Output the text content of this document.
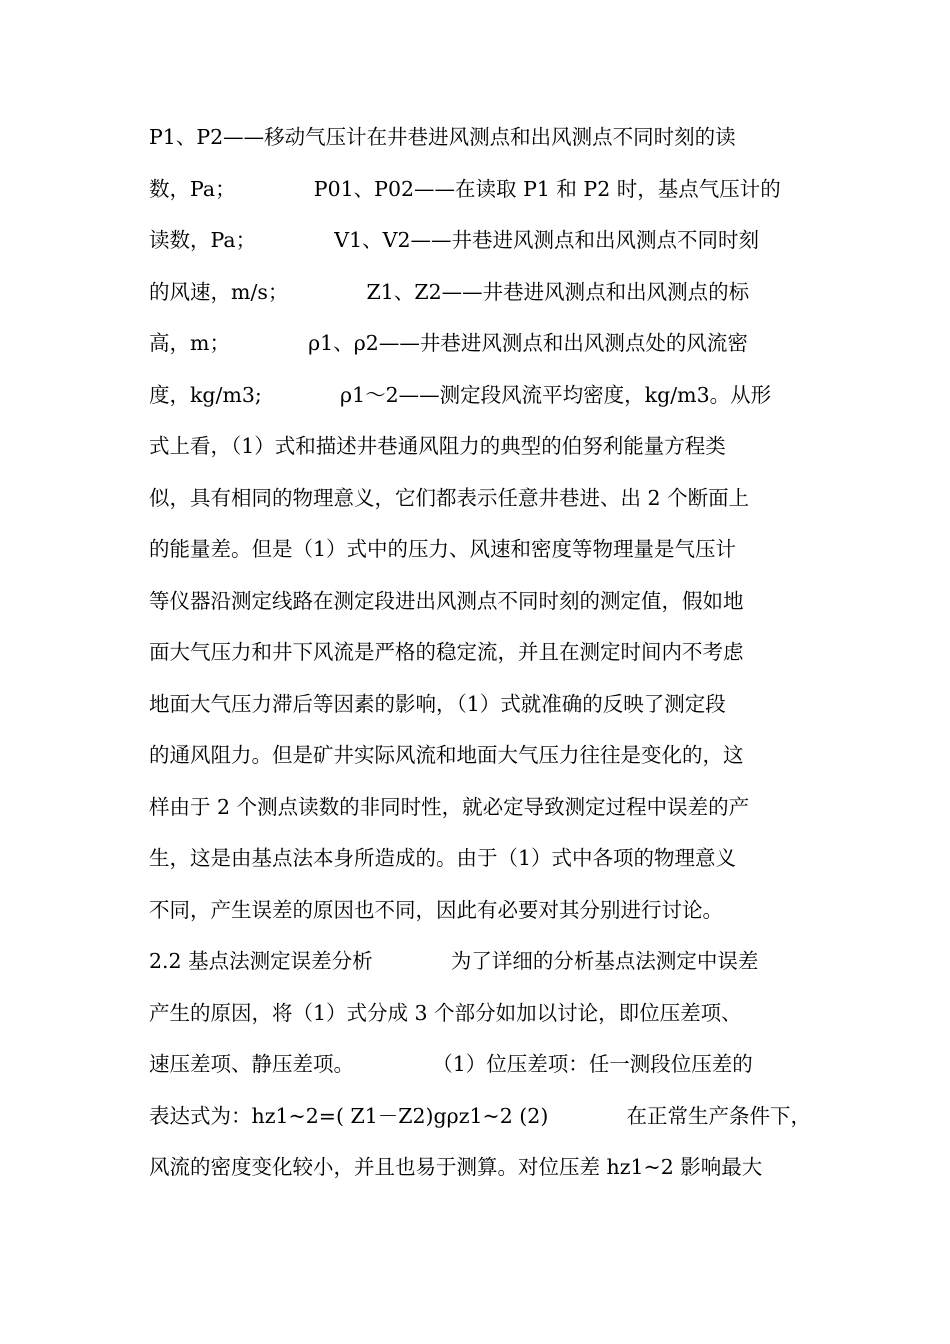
P1、P2——移动气压计在井巷进风测点和出风测点不同时刻的读
数，Pa；            P01、P02——在读取 P1 和 P2 时，基点气压计的
读数，Pa；            V1、V2——井巷进风测点和出风测点不同时刻
的风速，m/s；            Z1、Z2——井巷进风测点和出风测点的标
高，m；            ρ1、ρ2——井巷进风测点和出风测点处的风流密
度，kg/m3;            ρ1～2——测定段风流平均密度，kg/m3。从形
式上看，（1）式和描述井巷通风阻力的典型的伯努利能量方程类
似，具有相同的物理意义，它们都表示任意井巷进、出 2 个断面上
的能量差。但是（1）式中的压力、风速和密度等物理量是气压计
等仪器沿测定线路在测定段进出风测点不同时刻的测定值，假如地
面大气压力和井下风流是严格的稳定流，并且在测定时间内不考虑
地面大气压力滞后等因素的影响，（1）式就准确的反映了测定段
的通风阻力。但是矿井实际风流和地面大气压力往往是变化的，这
样由于 2 个测点读数的非同时性，就必定导致测定过程中误差的产
生，这是由基点法本身所造成的。由于（1）式中各项的物理意义
不同，产生误差的原因也不同，因此有必要对其分别进行讨论。
2.2 基点法测定误差分析            为了详细的分析基点法测定中误差
产生的原因，将（1）式分成 3 个部分如加以讨论，即位压差项、
速压差项、静压差项。            （1）位压差项：任一测段位压差的
表达式为：hz1~2=( Z1－Z2)gρz1~2 (2)            在正常生产条件下，
风流的密度变化较小，并且也易于测算。对位压差 hz1~2 影响最大
